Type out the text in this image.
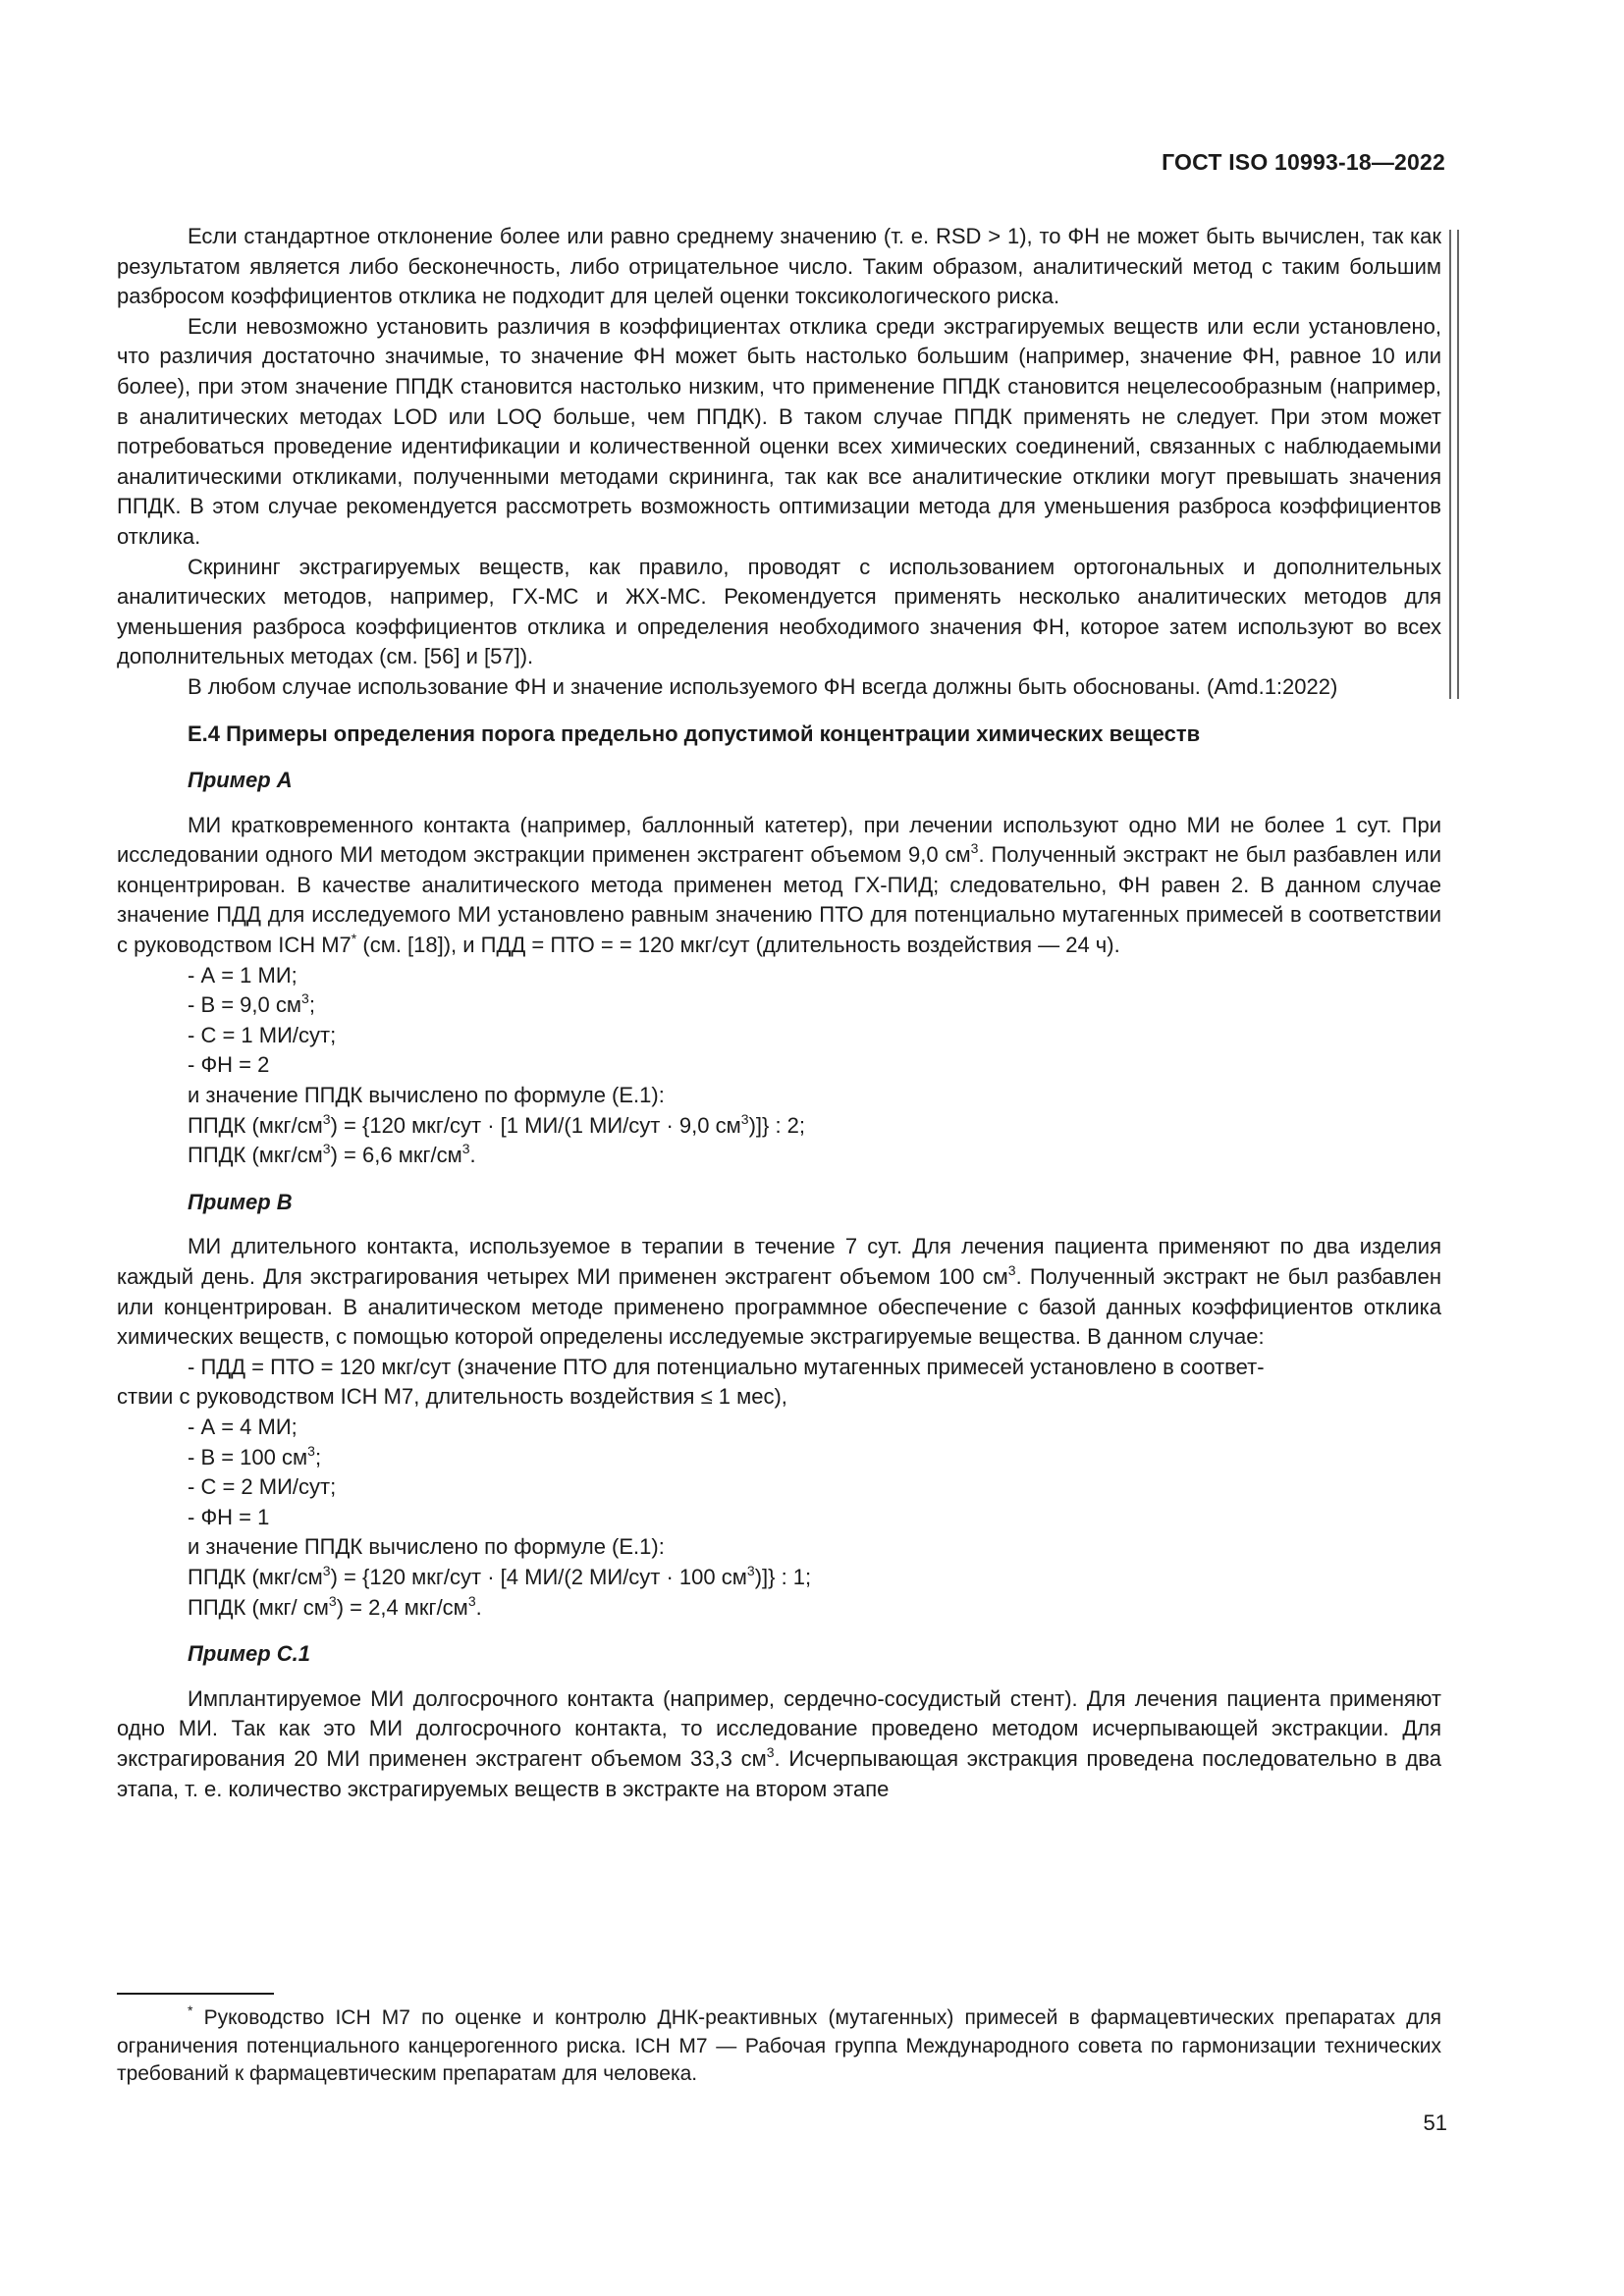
ГОСТ ISO 10993-18—2022

Если стандартное отклонение более или равно среднему значению (т. е. RSD > 1), то ФН не может быть вычислен, так как результатом является либо бесконечность, либо отрицательное число. Таким образом, аналитический метод с таким большим разбросом коэффициентов отклика не подходит для целей оценки токсикологического риска.

Если невозможно установить различия в коэффициентах отклика среди экстрагируемых веществ или если установлено, что различия достаточно значимые, то значение ФН может быть настолько большим (например, значение ФН, равное 10 или более), при этом значение ППДК становится настолько низким, что применение ППДК становится нецелесообразным (например, в аналитических методах LOD или LOQ больше, чем ППДК). В таком случае ППДК применять не следует. При этом может потребоваться проведение идентификации и количественной оценки всех химических соединений, связанных с наблюдаемыми аналитическими откликами, полученными методами скрининга, так как все аналитические отклики могут превышать значения ППДК. В этом случае рекомендуется рассмотреть возможность оптимизации метода для уменьшения разброса коэффициентов отклика.

Скрининг экстрагируемых веществ, как правило, проводят с использованием ортогональных и дополнительных аналитических методов, например, ГХ-МС и ЖХ-МС. Рекомендуется применять несколько аналитических методов для уменьшения разброса коэффициентов отклика и определения необходимого значения ФН, которое затем используют во всех дополнительных методах (см. [56] и [57]).

В любом случае использование ФН и значение используемого ФН всегда должны быть обоснованы. (Amd.1:2022)

Е.4 Примеры определения порога предельно допустимой концентрации химических веществ
Пример А

МИ кратковременного контакта (например, баллонный катетер), при лечении используют одно МИ не более 1 сут. При исследовании одного МИ методом экстракции применен экстрагент объемом 9,0 $см^3$. Полученный экстракт не был разбавлен или концентрирован. В качестве аналитического метода применен метод ГХ-ПИД; следовательно, ФН равен 2. В данном случае значение ПДД для исследуемого МИ установлено равным значению ПТО для потенциально мутагенных примесей в соответствии с руководством ICH M7* (см. [18]), и ПДД = ПТО = = 120 мкг/сут (длительность воздействия — 24 ч).

- А = 1 МИ;
- В = 9,0 $см^3$;
- С = 1 МИ/сут;
- ФН = 2
и значение ППДК вычислено по формуле (Е.1):
ППДК $(мкг/см^3) = \{120$ мкг/сут · [1 МИ/(1 МИ/сут · 9,0 $см^3$)]} : 2;
ППДК $(мкг/см^3) = 6,6$ мкг/$см^3$.
Пример В

МИ длительного контакта, используемое в терапии в течение 7 сут. Для лечения пациента применяют по два изделия каждый день. Для экстрагирования четырех МИ применен экстрагент объемом 100 $см^3$. Полученный экстракт не был разбавлен или концентрирован. В аналитическом методе применено программное обеспечение с базой данных коэффициентов отклика химических веществ, с помощью которой определены исследуемые экстрагируемые вещества. В данном случае:

- ПДД = ПТО = 120 мкг/сут (значение ПТО для потенциально мутагенных примесей установлено в соответ-
ствии с руководством ICH M7, длительность воздействия ≤ 1 мес),
- А = 4 МИ;
- В = 100 $см^3$;
- С = 2 МИ/сут;
- ФН = 1
и значение ППДК вычислено по формуле (Е.1):
ППДК $(мкг/см^3) = \{120$ мкг/сут · [4 МИ/(2 МИ/сут · 100 $см^3$)]} : 1;
ППДК (мкг/ $см^3) = 2,4$ мкг/$см^3$.
Пример С.1

Имплантируемое МИ долгосрочного контакта (например, сердечно-сосудистый стент). Для лечения пациента применяют одно МИ. Так как это МИ долгосрочного контакта, то исследование проведено методом исчерпывающей экстракции. Для экстрагирования 20 МИ применен экстрагент объемом 33,3 $см^3$. Исчерпывающая экстракция проведена последовательно в два этапа, т. е. количество экстрагируемых веществ в экстракте на втором этапе

* Руководство ICH M7 по оценке и контролю ДНК-реактивных (мутагенных) примесей в фармацевтических препаратах для ограничения потенциального канцерогенного риска. ICH M7 — Рабочая группа Международного совета по гармонизации технических требований к фармацевтическим препаратам для человека.
51
